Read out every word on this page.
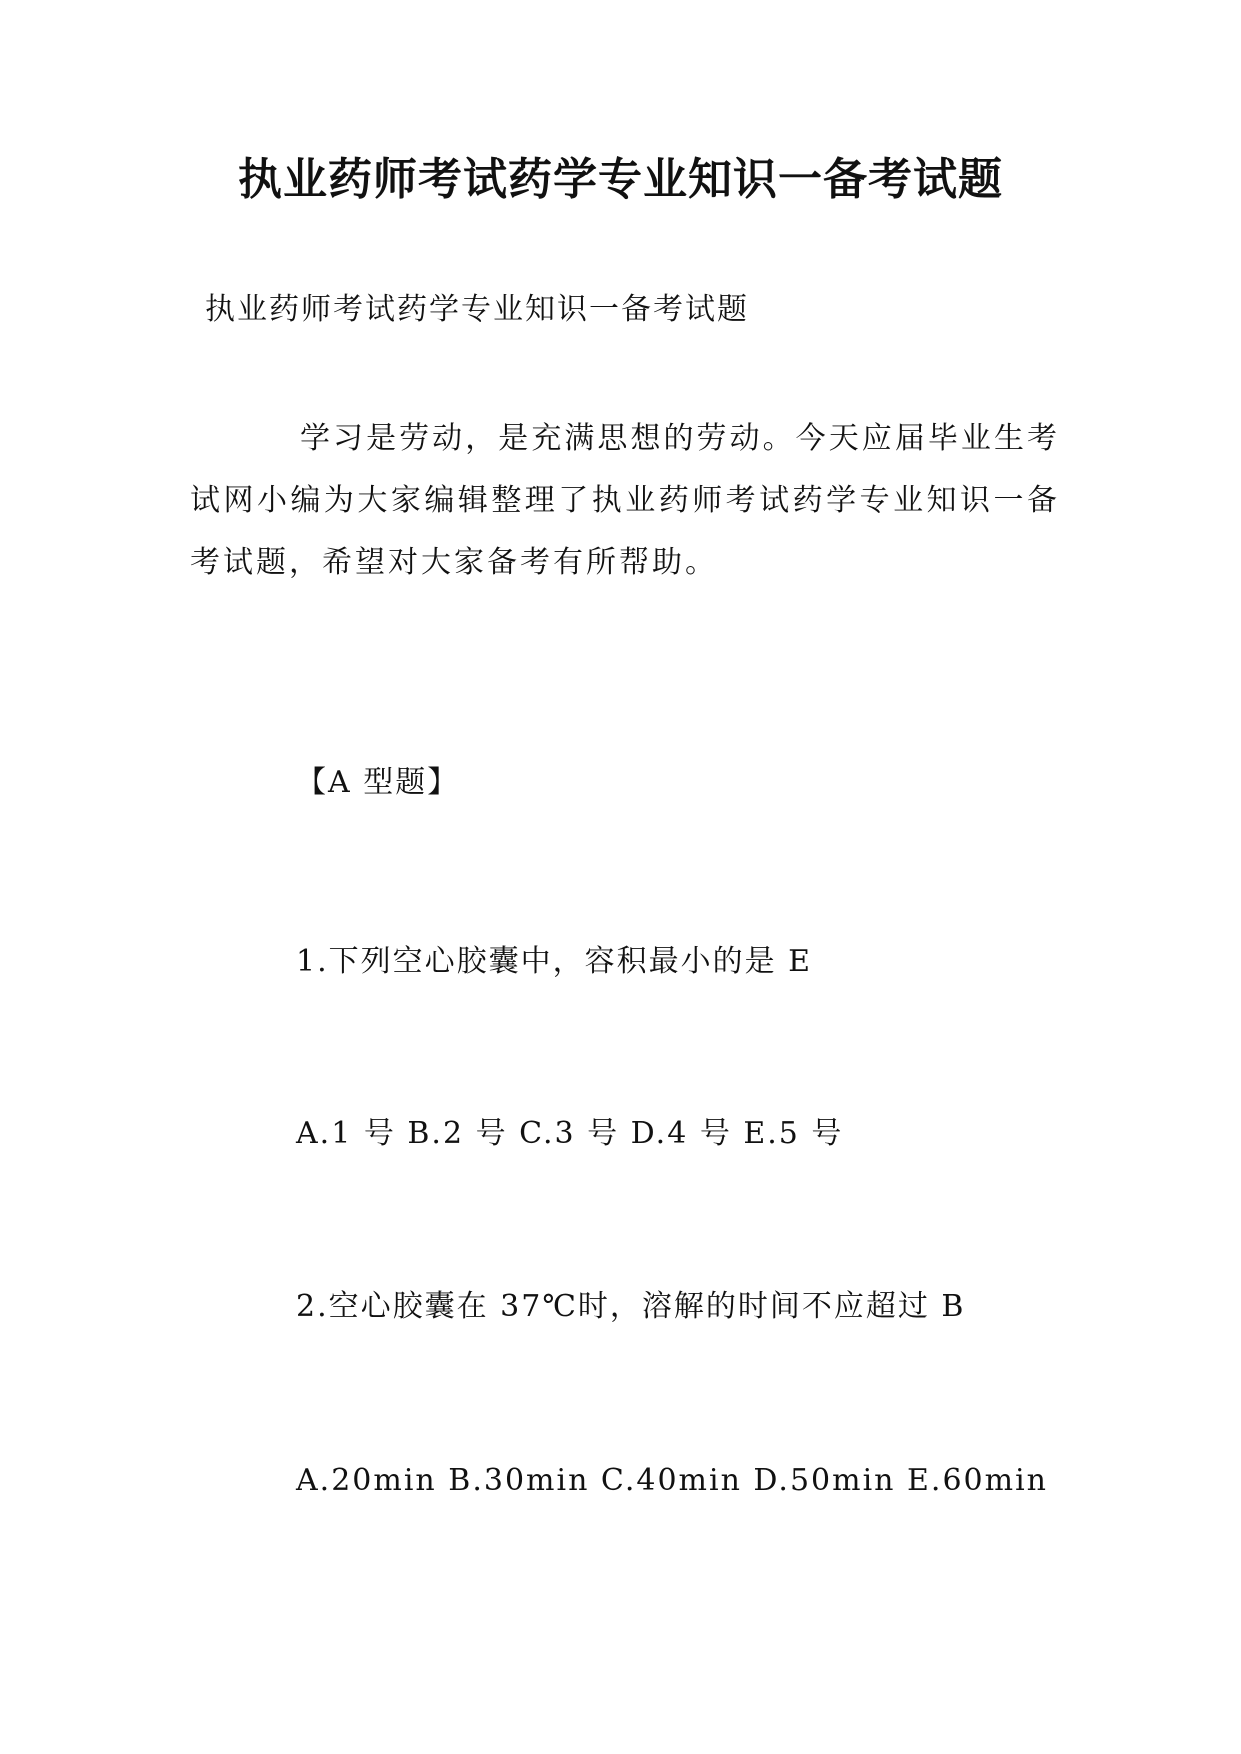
执业药师考试药学专业知识一备考试题

执业药师考试药学专业知识一备考试题

学习是劳动，是充满思想的劳动。今天应届毕业生考试网小编为大家编辑整理了执业药师考试药学专业知识一备考试题，希望对大家备考有所帮助。

【A 型题】

1.下列空心胶囊中，容积最小的是 E

A.1 号 B.2 号 C.3 号 D.4 号 E.5 号

2.空心胶囊在 37℃时，溶解的时间不应超过 B

A.20min B.30min C.40min D.50min E.60min
